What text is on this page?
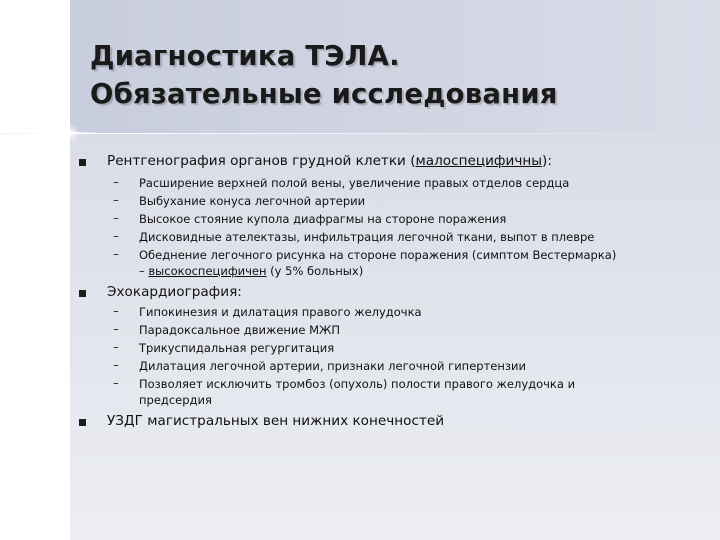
Диагностика ТЭЛА.
Обязательные исследования
Рентгенография органов грудной клетки (малоспецифичны):
– Расширение верхней полой вены, увеличение правых отделов сердца
– Выбухание конуса легочной артерии
– Высокое стояние купола диафрагмы на стороне поражения
– Дисковидные ателектазы, инфильтрация легочной ткани, выпот в плевре
– Обеднение легочного рисунка на стороне поражения (симптом Вестермарка)
– высокоспецифичен (у 5% больных)
Эхокардиография:
– Гипокинезия и дилатация правого желудочка
– Парадоксальное движение МЖП
– Трикуспидальная регургитация
– Дилатация легочной артерии, признаки легочной гипертензии
– Позволяет исключить тромбоз (опухоль) полости правого желудочка и
предсердия
УЗДГ магистральных вен нижних конечностей
